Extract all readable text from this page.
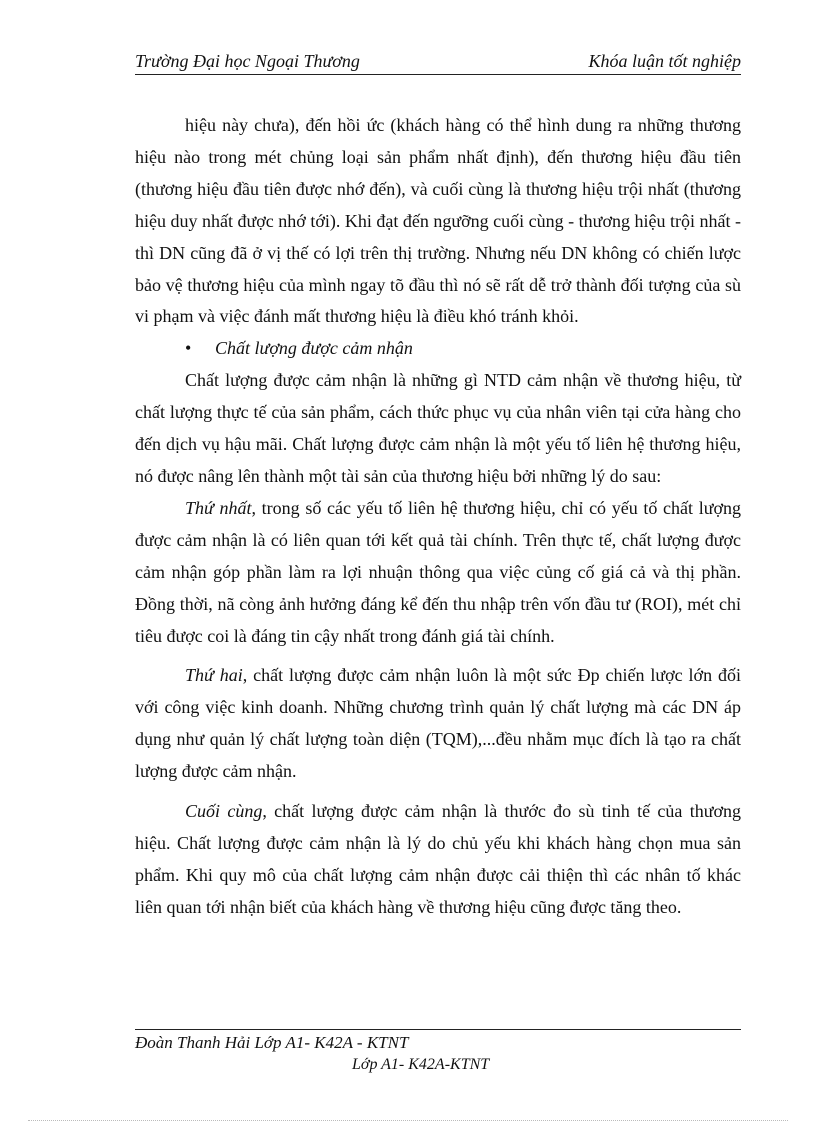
Trường Đại học Ngoại Thương	Khóa luận tốt nghiệp

hiệu này chưa), đến hồi ức (khách hàng có thể hình dung ra những thương hiệu nào trong mét chủng loại sản phẩm nhất định), đến thương hiệu đầu tiên (thương hiệu đầu tiên được nhớ đến), và cuối cùng là thương hiệu trội nhất (thương hiệu duy nhất được nhớ tới). Khi đạt đến ngưỡng cuối cùng - thương hiệu trội nhất - thì DN cũng đã ở vị thế có lợi trên thị trường. Nhưng nếu DN không có chiến lược bảo vệ thương hiệu của mình ngay tõ đầu thì nó sẽ rất dễ trở thành đối tượng của sù vi phạm và việc đánh mất thương hiệu là điều khó tránh khỏi.

•	Chất lượng được cảm nhận

Chất lượng được cảm nhận là những gì NTD cảm nhận về thương hiệu, từ chất lượng thực tế của sản phẩm, cách thức phục vụ của nhân viên tại cửa hàng cho đến dịch vụ hậu mãi. Chất lượng được cảm nhận là một yếu tố liên hệ thương hiệu, nó được nâng lên thành một tài sản của thương hiệu bởi những lý do sau:

Thứ nhất, trong số các yếu tố liên hệ thương hiệu, chỉ có yếu tố chất lượng được cảm nhận là có liên quan tới kết quả tài chính. Trên thực tế, chất lượng được cảm nhận góp phần làm ra lợi nhuận thông qua việc củng cố giá cả và thị phần. Đồng thời, nã còng ảnh hưởng đáng kể đến thu nhập trên vốn đầu tư (ROI), mét chỉ tiêu được coi là đáng tin cậy nhất trong đánh giá tài chính.

Thứ hai, chất lượng được cảm nhận luôn là một sức Đp chiến lược lớn đối với công việc kinh doanh. Những chương trình quản lý chất lượng mà các DN áp dụng như quản lý chất lượng toàn diện (TQM),...đều nhằm mục đích là tạo ra chất lượng được cảm nhận.

Cuối cùng, chất lượng được cảm nhận là thước đo sù tinh tế của thương hiệu. Chất lượng được cảm nhận là lý do chủ yếu khi khách hàng chọn mua sản phẩm. Khi quy mô của chất lượng cảm nhận được cải thiện thì các nhân tố khác liên quan tới nhận biết của khách hàng về thương hiệu cũng được tăng theo.

Đoàn Thanh Hải Lớp A1- K42A - KTNT
Lớp A1- K42A-KTNT
